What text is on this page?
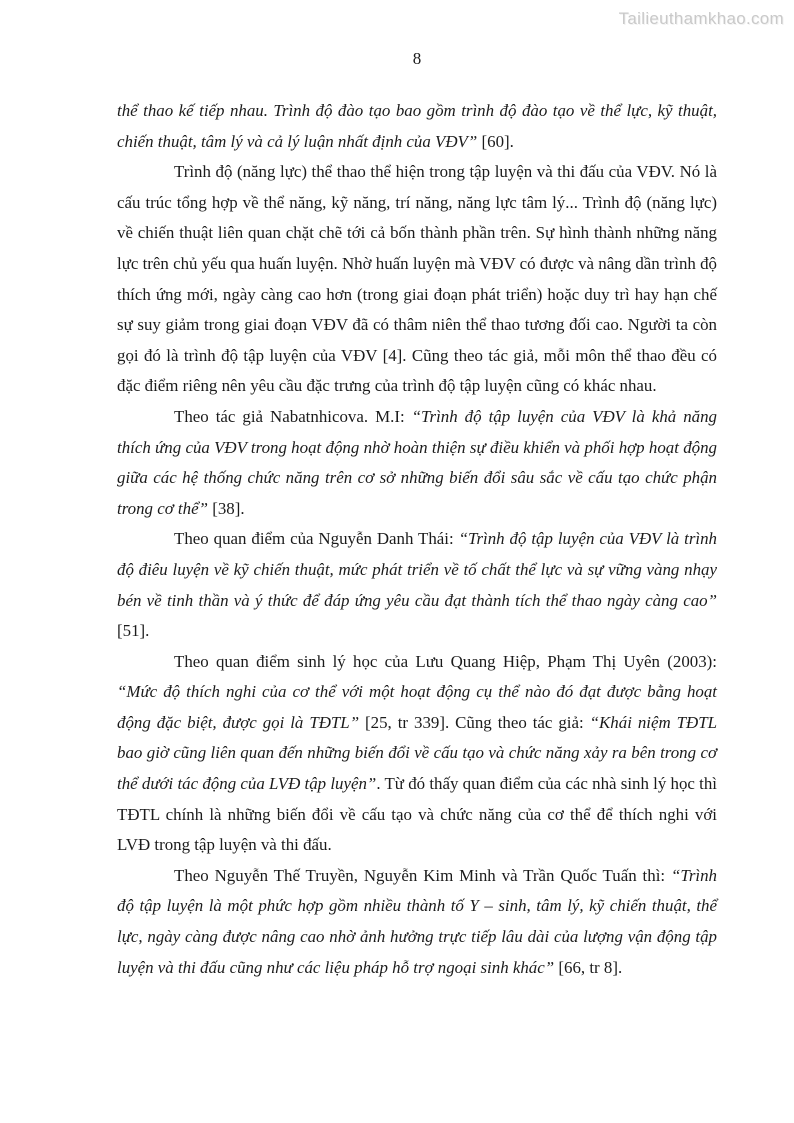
Tailieuthamkhao.com
8

thể thao kế tiếp nhau. Trình độ đào tạo bao gồm trình độ đào tạo về thể lực, kỹ thuật, chiến thuật, tâm lý và cả lý luận nhất định của VĐV” [60].

Trình độ (năng lực) thể thao thể hiện trong tập luyện và thi đấu của VĐV. Nó là cấu trúc tổng hợp về thể năng, kỹ năng, trí năng, năng lực tâm lý... Trình độ (năng lực) về chiến thuật liên quan chặt chẽ tới cả bốn thành phần trên. Sự hình thành những năng lực trên chủ yếu qua huấn luyện. Nhờ huấn luyện mà VĐV có được và nâng dần trình độ thích ứng mới, ngày càng cao hơn (trong giai đoạn phát triển) hoặc duy trì hay hạn chế sự suy giảm trong giai đoạn VĐV đã có thâm niên thể thao tương đối cao. Người ta còn gọi đó là trình độ tập luyện của VĐV [4]. Cũng theo tác giả, mỗi môn thể thao đều có đặc điểm riêng nên yêu cầu đặc trưng của trình độ tập luyện cũng có khác nhau.

Theo tác giả Nabatnhicova. M.I: “Trình độ tập luyện của VĐV là khả năng thích ứng của VĐV trong hoạt động nhờ hoàn thiện sự điều khiển và phối hợp hoạt động giữa các hệ thống chức năng trên cơ sở những biến đổi sâu sắc về cấu tạo chức phận trong cơ thể” [38].

Theo quan điểm của Nguyễn Danh Thái: “Trình độ tập luyện của VĐV là trình độ điêu luyện về kỹ chiến thuật, mức phát triển về tố chất thể lực và sự vững vàng nhạy bén về tinh thần và ý thức để đáp ứng yêu cầu đạt thành tích thể thao ngày càng cao” [51].

Theo quan điểm sinh lý học của Lưu Quang Hiệp, Phạm Thị Uyên (2003): “Mức độ thích nghi của cơ thể với một hoạt động cụ thể nào đó đạt được bằng hoạt động đặc biệt, được gọi là TĐTL” [25, tr 339]. Cũng theo tác giả: “Khái niệm TĐTL bao giờ cũng liên quan đến những biến đổi về cấu tạo và chức năng xảy ra bên trong cơ thể dưới tác động của LVĐ tập luyện”. Từ đó thấy quan điểm của các nhà sinh lý học thì TĐTL chính là những biến đổi về cấu tạo và chức năng của cơ thể để thích nghi với LVĐ trong tập luyện và thi đấu.

Theo Nguyễn Thế Truyền, Nguyễn Kim Minh và Trần Quốc Tuấn thì: “Trình độ tập luyện là một phức hợp gồm nhiều thành tố Y – sinh, tâm lý, kỹ chiến thuật, thể lực, ngày càng được nâng cao nhờ ảnh hưởng trực tiếp lâu dài của lượng vận động tập luyện và thi đấu cũng như các liệu pháp hỗ trợ ngoại sinh khác” [66, tr 8].
